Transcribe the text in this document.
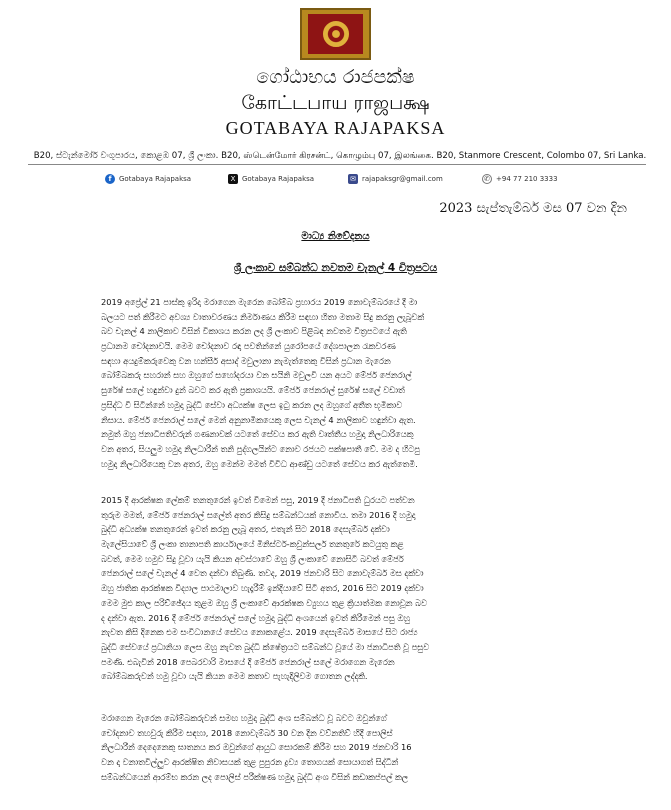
ගෝඨාභය රාජපක්ෂ
கோட்டபாய ராஜபக்ஷ
GOTABAYA RAJAPAKSA
B20, ස්ටැන්මෝර් වංගුපාරය, කොළඹ 07, ශ්‍රී ලංකා. B20, ஸ்டென்மோர் கிரசன்ட், கொழும்பு 07, இலங்கை. B20, Stanmore Crescent, Colombo 07, Sri Lanka.
f	Gotabaya Rajapaksa	X Gotabaya Rajapaksa	✉ rajapaksgr@gmail.com	✆ +94 77 210 3333
2023 සැප්තැම්බර් මස 07 වන දින
මාධ්‍ය නිවේදනය
ශ්‍රී ලංකාව සම්බන්ධ නවතම චැනල් 4 චිත්‍රපටය
2019 අප්‍රේල් 21 පාස්කු ඉරිදා මරාගෙන මැරෙන බෝම්බ ප්‍රහාරය 2019 නොවැම්බරයේ දී මා
බලයට පත් කිරීමට අවශ්‍ය වාතාවරණය නිර්මාණය කිරීම සඳහා හිතා මතාම සිදු කරනු ලැබූවක්
බව චැනල් 4 නාලිකාව විසින් විකාශය කරන ලද ශ්‍රී ලංකාව පිළිබඳ නවතම චිත්‍රපටයේ ඇති
ප්‍රධානම චෝදනාවයි. මෙම චෝදනාව රඳා පවතින්නේ යුරෝපයේ දේශපාලන රැකවරණ
සඳහා අයදුම්කරුවෙකු වන හන්සීර් අසාද් මවුලානා නැමැත්තෙකු විසින් ප්‍රධාන මැරෙන
බෝම්බකරු සහරාන් සහ ඔහුගේ සහෝදරයා වන සයිනි මවුලවි යන අයට මේජර් ජෙනරාල්
සුරේෂ් සලේ හඳුන්වා දුන් බවට කර ඇති ප්‍රකාශයයි. මේජර් ජෙනරාල් සුරේෂ් සලේ වඩාත්
ප්‍රසිද්ධ වී සිටින්නේ හමුදා බුද්ධි සේවා අධ්‍යක්ෂ ලෙස ඉටු කරන ලද ඔහුගේ අතීත භූමිකාව
නිසාය. මේජර් ජෙනරාල් සලේ මෙන් අනුනාමිකයෙකු ලෙස චැනල් 4 නාලිකාව හඳුන්වා ඇත.
නමුත් ඔහු ජනාධිපතිවරුන් ගණනාවක් යටතේ සේවය කර ඇති වෘත්තීය හමුදා නිලධාරියෙකු
වන අතර, සියලුම හමුදා නිලධාරීන් තනි පුද්ගලයින්ට නොව රජයට පක්ෂපාතී වේ. මම ද හිටපු
හමුදා නිලධාරියෙකු වන අතර, ඔහු මෙන්ම මමත් විවිධ ආණ්ඩු යටතේ සේවය කර ඇත්තෙමි.
2015 දී ආරක්ෂක ලේකම් තනතුරෙන් ඉවත් වීමෙන් පසු, 2019 දී ජනාධිපති ධුරයට පත්වන
තුරුම මමත්, මේජර් ජෙනරාල් සලේත් අතර කිසිදු සම්බන්ධයක් නොවීය. තමා 2016 දී හමුදා
බුද්ධි අධ්‍යක්ෂ තනතුරෙන් ඉවත් කරනු ලැබූ අතර, එතැන් සිට 2018 දෙසැම්බර් දක්වා
මැලේසියාවේ ශ්‍රී ලංකා තානාපති කාර්යාලයේ මිනිස්ටර්-කවුන්සලර් තනතුරේ කටයුතු කළ
බවත්, මෙම හමුව සිදු වූවා යැයි කියන අවස්ථාවේ ඔහු ශ්‍රී ලංකාවේ නොසිටි බවත් මේජර්
ජෙනරාල් සලේ චැනල් 4 වෙත දන්වා තිබුණි. තවද, 2019 ජනවාරි සිට නොවැම්බර් මස දක්වා
ඔහු ජාතික ආරක්ෂක විද්‍යාල පාඨමාලාව හැදෑරීම් ඉන්දියාවේ සිටි අතර, 2016 සිට 2019 දක්වා
මෙම මුළු කාල පරිච්ඡේදය තුළම ඔහු ශ්‍රී ලංකාවේ ආරක්ෂක ව්‍යුහය තුළ ක්‍රියාත්මක නොවූන බව
ද දන්වා ඇත. 2016 දී මේජර් ජෙනරාල් සලේ හමුදා බුද්ධි අංශයෙන් ඉවත් කිරීමෙන් පසු ඔහු
නැවත කිසි දිනෙක එම සංවිධානයේ සේවය නොකළේය. 2019 දෙසැම්බර් මාසයේ සිට රාජ්‍ය
බුද්ධි සේවයේ ප්‍රධානියා ලෙස ඔහු නැවත බුද්ධි ක්ෂේත්‍රයට සම්බන්ධ වූයේ මා ජනාධිපති වූ පසුව
පමණි. එබැවින් 2018 පෙබරවාරි මාසයේ දී මේජර් ජෙනරාල් සලේ මරාගෙන මැරෙන
බෝම්බකරුවන් හමු වූවා යැයි කියන මෙම කතාව පැහැදිලිවම ගොතන ලද්දකි.
මරාගෙන මැරෙන බෝම්බකරුවන් සමඟ හමුදා බුද්ධි අංශ සම්බන්ධ වූ බවට ඔවුන්ගේ
චෝදනාව තහවුරු කිරීම සඳහා, 2018 නොවැම්බර් 30 වන දින වව්නතිව් හිදී පොලිස්
නිලධාරීන් දෙදෙනෙකු ඝාතනය කර ඔවුන්ගේ ආයුධ සොරකම් කිරීම සහ 2019 ජනවාරි 16
වන දා වනාතවිල්ලුව ආරක්ෂිත නිවාසයක් තුළ පුපුරන ද්‍රව්‍ය තොගයක් සොයාගත් සිද්ධීන්
සම්බන්ධයෙන් ආරම්භ කරන ලද පොලිස් පරීක්ෂණ හමුදා බුද්ධි අංශ විසින් කඩාකප්පල් කල
